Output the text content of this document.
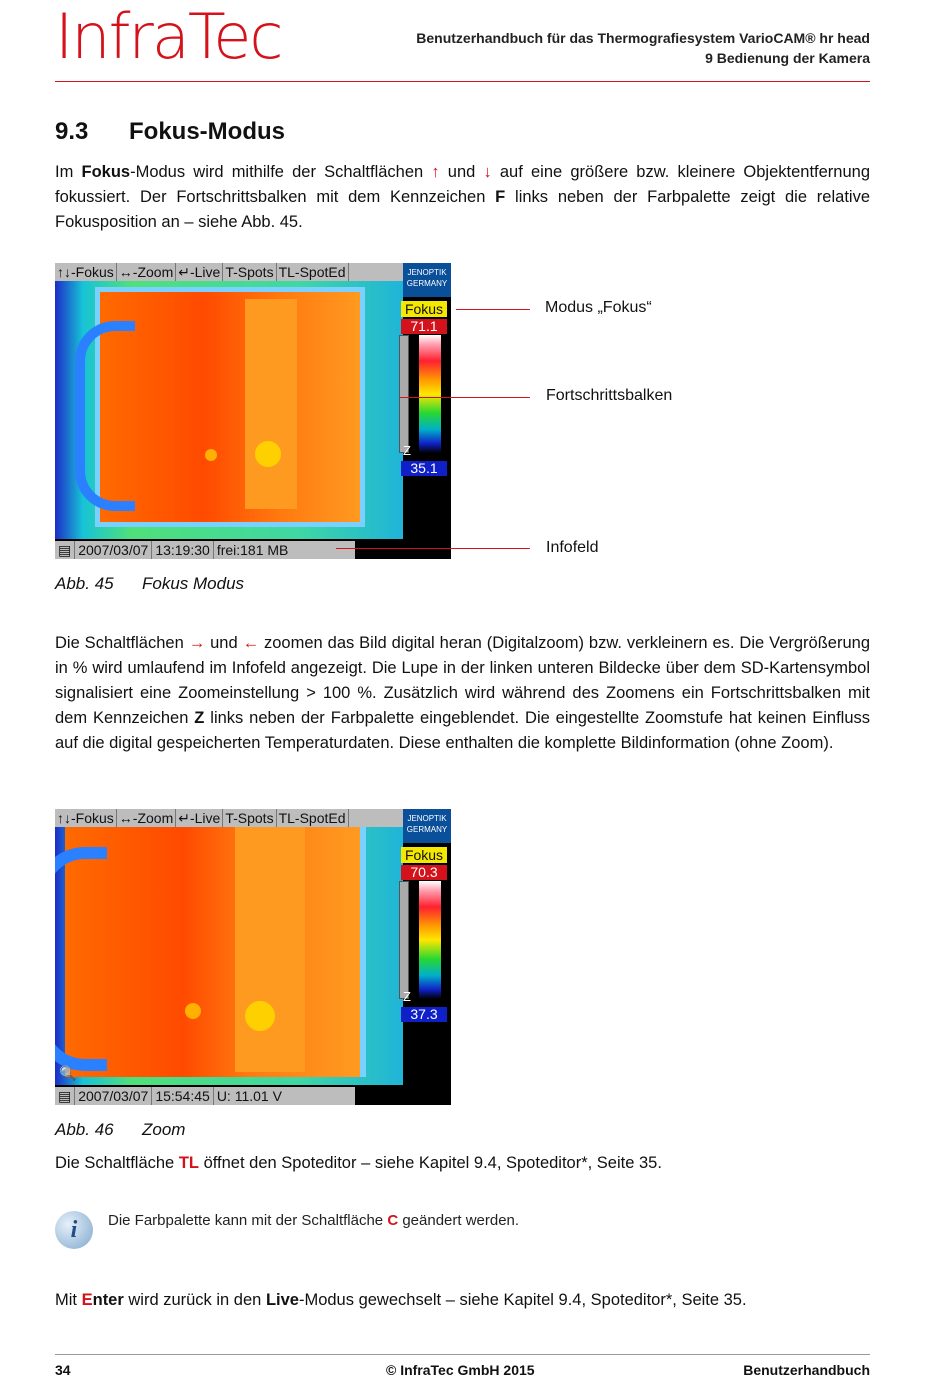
InfraTec	Benutzerhandbuch für das Thermografiesystem VarioCAM® hr head
9 Bedienung der Kamera
9.3 Fokus-Modus
Im Fokus-Modus wird mithilfe der Schaltflächen ↑ und ↓ auf eine größere bzw. kleinere Objektentfernung fokussiert. Der Fortschrittsbalken mit dem Kennzeichen F links neben der Farbpalette zeigt die relative Fokusposition an – siehe Abb. 45.
↑↓-Fokus ↔-Zoom ↵-Live T-Spots TL-SpotEd	JENOPTIK
GERMANY
Fokus
71.1
Z
35.1
▤ 2007/03/07 13:19:30 frei:181 MB
Modus „Fokus“
Fortschrittsbalken
Infofeld
Abb. 45 Fokus Modus
Die Schaltflächen → und ← zoomen das Bild digital heran (Digitalzoom) bzw. verkleinern es. Die Vergrößerung in % wird umlaufend im Infofeld angezeigt. Die Lupe in der linken unteren Bildecke über dem SD-Kartensymbol signalisiert eine Zoomeinstellung > 100 %. Zusätzlich wird während des Zoomens ein Fortschrittsbalken mit dem Kennzeichen Z links neben der Farbpalette eingeblendet. Die eingestellte Zoomstufe hat keinen Einfluss auf die digital gespeicherten Temperaturdaten. Diese enthalten die komplette Bildinformation (ohne Zoom).
↑↓-Fokus ↔-Zoom ↵-Live T-Spots TL-SpotEd	JENOPTIK
GERMANY
Fokus
70.3
Z
37.3
🔍
▤ 2007/03/07 15:54:45 U: 11.01 V
Abb. 46 Zoom
Die Schaltfläche TL öffnet den Spoteditor – siehe Kapitel 9.4, Spoteditor*, Seite 35.
i	Die Farbpalette kann mit der Schaltfläche C geändert werden.
Mit Enter wird zurück in den Live-Modus gewechselt – siehe Kapitel 9.4, Spoteditor*, Seite 35.
34	© InfraTec GmbH 2015	Benutzerhandbuch
